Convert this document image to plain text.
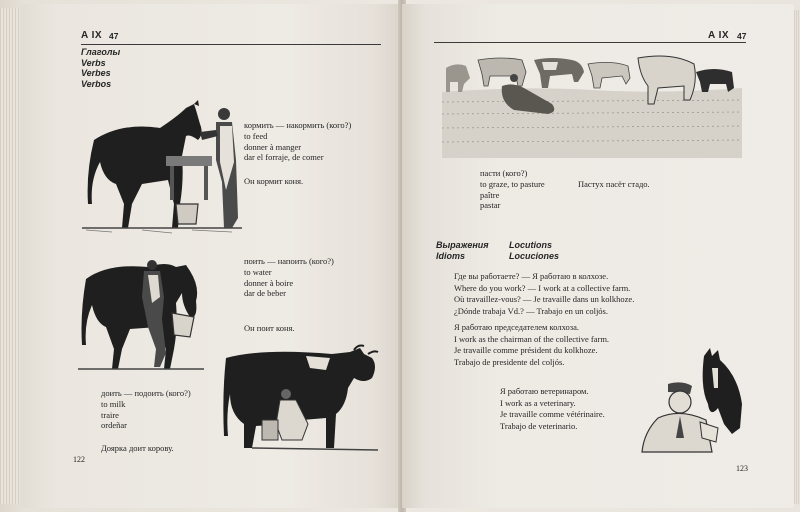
A IX 47
Глаголы
Verbs
Verbes
Verbos
кормить — накормить (кого?)
to feed
donner à manger
dar el forraje, de comer
Он кормит коня.
поить — напоить (кого?)
to water
donner à boire
dar de beber
Он поит коня.
доить — подоить (кого?)
to milk
traire
ordeñar
Доярка доит корову.
122
A IX 47
пасти (кого?)
to graze, to pasture
paître
pastar
Пастух пасёт стадо.
Выражения
Idioms
Locutions
Locuciones
Где вы работаете? — Я работаю в колхозе.
Where do you work? — I work at a collective farm.
Où travaillez-vous? — Je travaille dans un kolkhoze.
¿Dónde trabaja Vd.? — Trabajo en un coljós.
Я работаю председателем колхоза.
I work as the chairman of the collective farm.
Je travaille comme président du kolkhoze.
Trabajo de presidente del coljós.
Я работаю ветеринаром.
I work as a veterinary.
Je travaille comme vétérinaire.
Trabajo de veterinario.
123
